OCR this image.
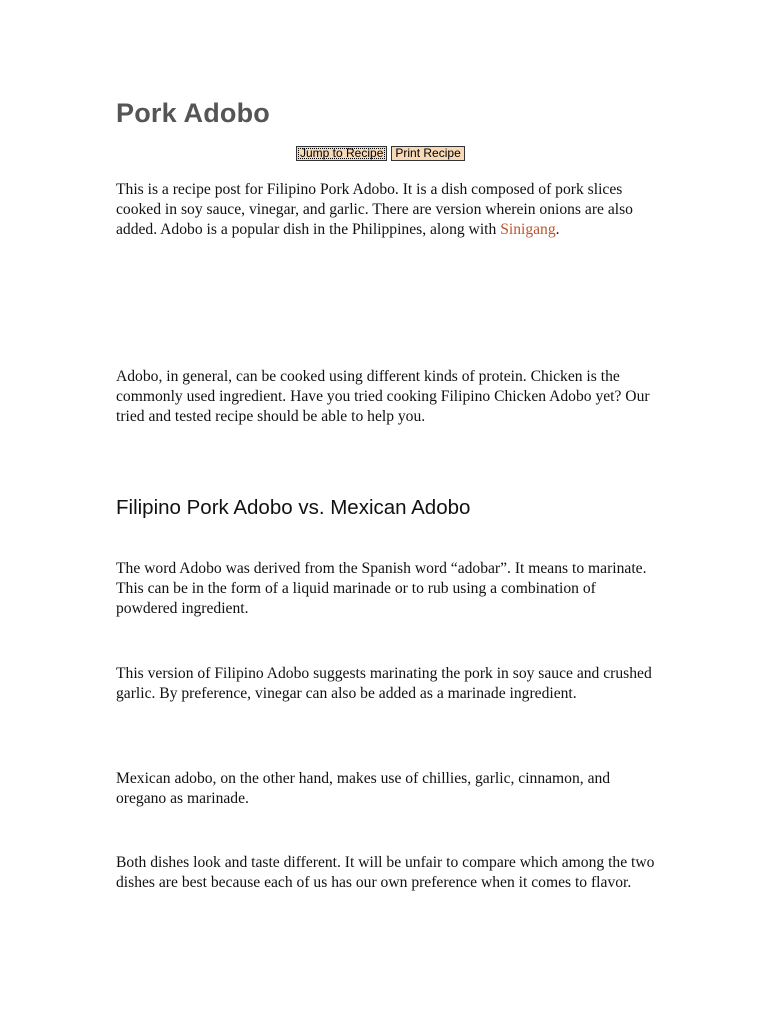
Pork Adobo
Jump to Recipe	Print Recipe

This is a recipe post for Filipino Pork Adobo. It is a dish composed of pork slices cooked in soy sauce, vinegar, and garlic. There are version wherein onions are also added. Adobo is a popular dish in the Philippines, along with Sinigang.

Adobo, in general, can be cooked using different kinds of protein. Chicken is the commonly used ingredient. Have you tried cooking Filipino Chicken Adobo yet? Our tried and tested recipe should be able to help you.

Filipino Pork Adobo vs. Mexican Adobo

The word Adobo was derived from the Spanish word “adobar”. It means to marinate. This can be in the form of a liquid marinade or to rub using a combination of powdered ingredient.

This version of Filipino Adobo suggests marinating the pork in soy sauce and crushed garlic. By preference, vinegar can also be added as a marinade ingredient.

Mexican adobo, on the other hand, makes use of chillies, garlic, cinnamon, and oregano as marinade.

Both dishes look and taste different. It will be unfair to compare which among the two dishes are best because each of us has our own preference when it comes to flavor.
